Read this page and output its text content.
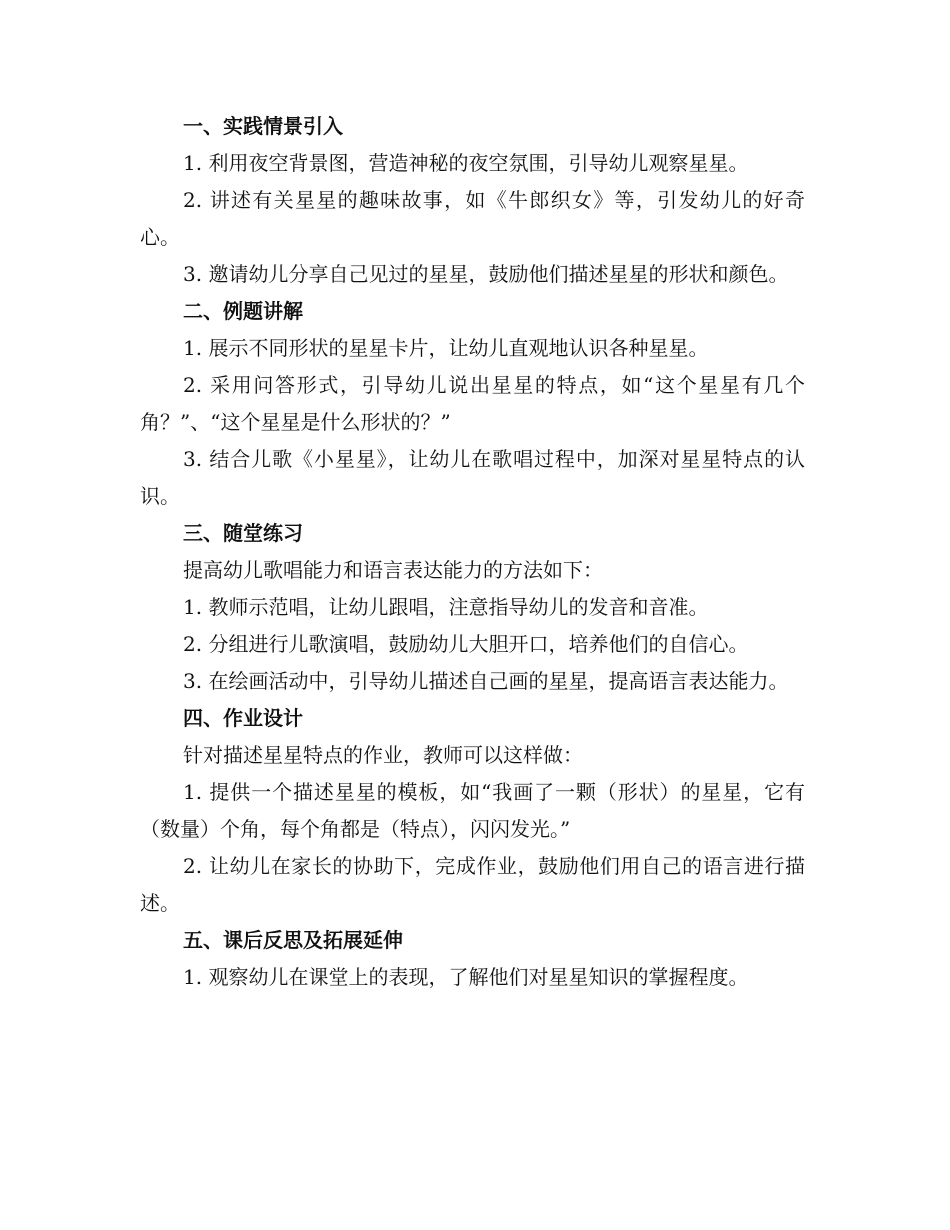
一、实践情景引入
1. 利用夜空背景图，营造神秘的夜空氛围，引导幼儿观察星星。
2. 讲述有关星星的趣味故事，如《牛郎织女》等，引发幼儿的好奇心。
3. 邀请幼儿分享自己见过的星星，鼓励他们描述星星的形状和颜色。
二、例题讲解
1. 展示不同形状的星星卡片，让幼儿直观地认识各种星星。
2. 采用问答形式，引导幼儿说出星星的特点，如“这个星星有几个角？”、“这个星星是什么形状的？”
3. 结合儿歌《小星星》，让幼儿在歌唱过程中，加深对星星特点的认识。
三、随堂练习
提高幼儿歌唱能力和语言表达能力的方法如下：
1. 教师示范唱，让幼儿跟唱，注意指导幼儿的发音和音准。
2. 分组进行儿歌演唱，鼓励幼儿大胆开口，培养他们的自信心。
3. 在绘画活动中，引导幼儿描述自己画的星星，提高语言表达能力。
四、作业设计
针对描述星星特点的作业，教师可以这样做：
1. 提供一个描述星星的模板，如“我画了一颗（形状）的星星，它有（数量）个角，每个角都是（特点），闪闪发光。”
2. 让幼儿在家长的协助下，完成作业，鼓励他们用自己的语言进行描述。
五、课后反思及拓展延伸
1. 观察幼儿在课堂上的表现，了解他们对星星知识的掌握程度。
